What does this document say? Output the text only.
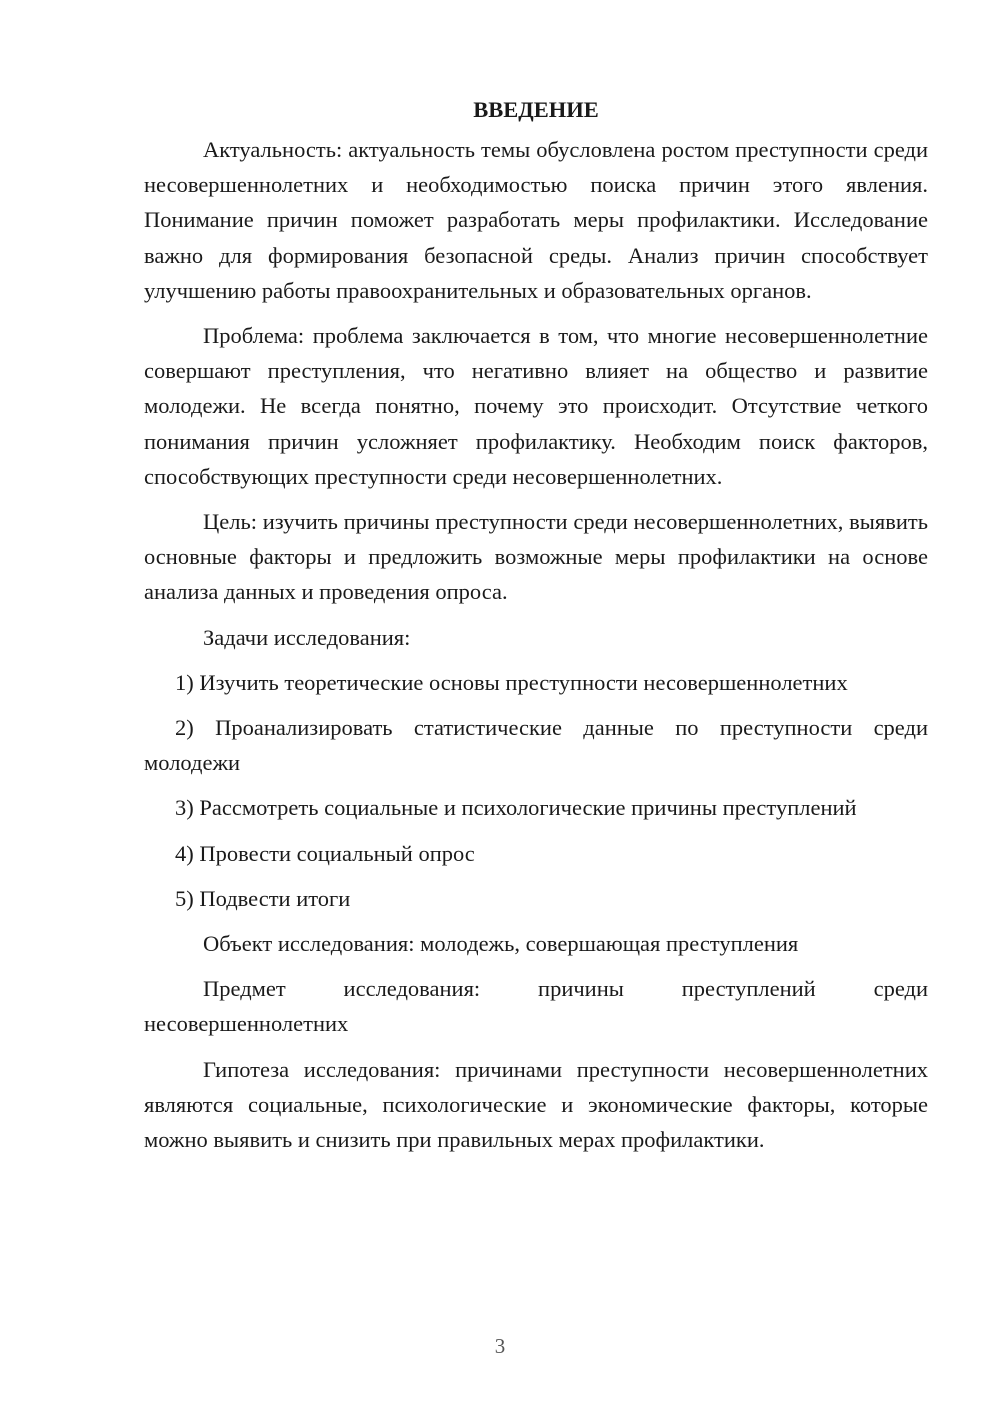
ВВЕДЕНИЕ

Актуальность: актуальность темы обусловлена ростом преступности среди несовершеннолетних и необходимостью поиска причин этого явления. Понимание причин поможет разработать меры профилактики. Исследование важно для формирования безопасной среды. Анализ причин способствует улучшению работы правоохранительных и образовательных органов.

Проблема: проблема заключается в том, что многие несовершеннолетние совершают преступления, что негативно влияет на общество и развитие молодежи. Не всегда понятно, почему это происходит. Отсутствие четкого понимания причин усложняет профилактику. Необходим поиск факторов, способствующих преступности среди несовершеннолетних.

Цель: изучить причины преступности среди несовершеннолетних, выявить основные факторы и предложить возможные меры профилактики на основе анализа данных и проведения опроса.

Задачи исследования:

1) Изучить теоретические основы преступности несовершеннолетних

2) Проанализировать статистические данные по преступности среди молодежи

3) Рассмотреть социальные и психологические причины преступлений

4) Провести социальный опрос

5) Подвести итоги

Объект исследования: молодежь, совершающая преступления

Предмет исследования: причины преступлений среди несовершеннолетних

Гипотеза исследования: причинами преступности несовершеннолетних являются социальные, психологические и экономические факторы, которые можно выявить и снизить при правильных мерах профилактики.

3
